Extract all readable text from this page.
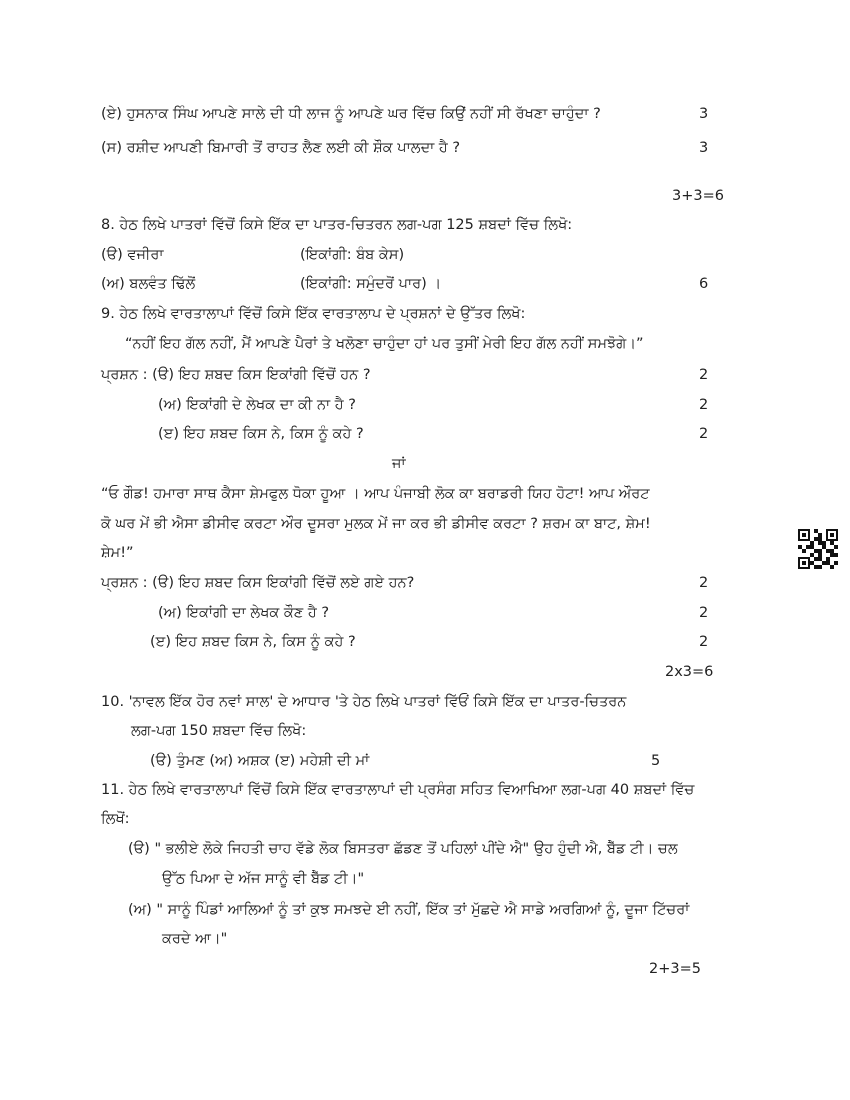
(ਏ) ਹੁਸਨਾਕ ਸਿੰਘ ਆਪਣੇ ਸਾਲੇ ਦੀ ਧੀ ਲਾਜ ਨੂੰ ਆਪਣੇ ਘਰ ਵਿੱਚ ਕਿਉਂ ਨਹੀਂ ਸੀ ਰੱਖਣਾ ਚਾਹੁੰਦਾ ?	3
(ਸ) ਰਸ਼ੀਦ ਆਪਣੀ ਬਿਮਾਰੀ ਤੋਂ ਰਾਹਤ ਲੈਣ ਲਈ ਕੀ ਸ਼ੌਕ ਪਾਲਦਾ ਹੈ ?	3
3+3=6
8. ਹੇਠ ਲਿਖੇ ਪਾਤਰਾਂ ਵਿੱਚੋਂ ਕਿਸੇ ਇੱਕ ਦਾ ਪਾਤਰ-ਚਿਤਰਨ ਲਗ-ਪਗ 125 ਸ਼ਬਦਾਂ ਵਿੱਚ ਲਿਖੋ:
(ੳ) ਵਜੀਰਾ	(ਇਕਾਂਗੀ: ਬੰਬ ਕੇਸ)
(ਅ) ਬਲਵੰਤ ਢਿੱਲੋਂ	(ਇਕਾਂਗੀ: ਸਮੁੰਦਰੋਂ ਪਾਰ) ।	6
9. ਹੇਠ ਲਿਖੇ ਵਾਰਤਾਲਾਪਾਂ ਵਿੱਚੋਂ ਕਿਸੇ ਇੱਕ ਵਾਰਤਾਲਾਪ ਦੇ ਪ੍ਰਸ਼ਨਾਂ ਦੇ ਉੱਤਰ ਲਿਖੋ:
“ਨਹੀਂ ਇਹ ਗੱਲ ਨਹੀਂ, ਮੈਂ ਆਪਣੇ ਪੈਰਾਂ ਤੇ ਖਲੋਣਾ ਚਾਹੁੰਦਾ ਹਾਂ ਪਰ ਤੁਸੀਂ ਮੇਰੀ ਇਹ ਗੱਲ ਨਹੀਂ ਸਮਝੋਗੇ।”
ਪ੍ਰਸ਼ਨ : (ੳ) ਇਹ ਸ਼ਬਦ ਕਿਸ ਇਕਾਂਗੀ ਵਿੱਚੋਂ ਹਨ ?	2
(ਅ) ਇਕਾਂਗੀ ਦੇ ਲੇਖਕ ਦਾ ਕੀ ਨਾ ਹੈ ?	2
(ੲ) ਇਹ ਸ਼ਬਦ ਕਿਸ ਨੇ, ਕਿਸ ਨੂੰ ਕਹੇ ?	2
ਜਾਂ
“ਓ ਗੌਡ! ਹਮਾਰਾ ਸਾਥ ਕੈਸਾ ਸ਼ੇਮਫੁਲ ਧੋਕਾ ਹੂਆ । ਆਪ ਪੰਜਾਬੀ ਲੋਕ ਕਾ ਬਰਾਡਰੀ ਯਿਹ ਹੋਟਾ! ਆਪ ਔਰਟ
ਕੋ ਘਰ ਮੇਂ ਭੀ ਐਸਾ ਡੀਸੀਵ ਕਰਟਾ ਔਰ ਦੂਸਰਾ ਮੁਲਕ ਮੇਂ ਜਾ ਕਰ ਭੀ ਡੀਸੀਵ ਕਰਟਾ ? ਸ਼ਰਮ ਕਾ ਬਾਟ, ਸ਼ੇਮ!
ਸ਼ੇਮ!”
ਪ੍ਰਸ਼ਨ : (ੳ) ਇਹ ਸ਼ਬਦ ਕਿਸ ਇਕਾਂਗੀ ਵਿੱਚੋਂ ਲਏ ਗਏ ਹਨ?	2
(ਅ) ਇਕਾਂਗੀ ਦਾ ਲੇਖਕ ਕੌਣ ਹੈ ?	2
(ੲ) ਇਹ ਸ਼ਬਦ ਕਿਸ ਨੇ, ਕਿਸ ਨੂੰ ਕਹੇ ?	2
2x3=6
10. 'ਨਾਵਲ ਇੱਕ ਹੋਰ ਨਵਾਂ ਸਾਲ' ਦੇ ਆਧਾਰ 'ਤੇ ਹੇਠ ਲਿਖੇ ਪਾਤਰਾਂ ਵਿੱਓਂ ਕਿਸੇ ਇੱਕ ਦਾ ਪਾਤਰ-ਚਿਤਰਨ
ਲਗ-ਪਗ 150 ਸ਼ਬਦਾ ਵਿੱਚ ਲਿਖੋ:
(ੳ) ਤੁੰਮਣ (ਅ) ਅਸ਼ਕ (ੲ) ਮਹੇਸ਼ੀ ਦੀ ਮਾਂ	5
11. ਹੇਠ ਲਿਖੇ ਵਾਰਤਾਲਾਪਾਂ ਵਿੱਚੋਂ ਕਿਸੇ ਇੱਕ ਵਾਰਤਾਲਾਪਾਂ ਦੀ ਪ੍ਰਸੰਗ ਸਹਿਤ ਵਿਆਖਿਆ ਲਗ-ਪਗ 40 ਸ਼ਬਦਾਂ ਵਿੱਚ
ਲਿਖੋਂ:
(ੳ) " ਭਲੀਏ ਲੋਕੇ ਜਿਹਤੀ ਚਾਹ ਵੱਡੇ ਲੋਕ ਬਿਸਤਰਾ ਛੱਡਣ ਤੋਂ ਪਹਿਲਾਂ ਪੀਂਦੇ ਐ" ਉਹ ਹੁੰਦੀ ਐ, ਬੈੱਡ ਟੀ। ਚਲ
ਉੱਠ ਪਿਆ ਦੇ ਅੱਜ ਸਾਨੂੰ ਵੀ ਬੈੱਡ ਟੀ।"
(ਅ) " ਸਾਨੂੰ ਪਿੰਡਾਂ ਆਲਿਆਂ ਨੂੰ ਤਾਂ ਕੁਝ ਸਮਝਦੇ ਈ ਨਹੀਂ, ਇੱਕ ਤਾਂ ਮੁੱਛਦੇ ਐ ਸਾਡੇ ਅਰਗਿਆਂ ਨੂੰ, ਦੂਜਾ ਟਿੱਚਰਾਂ
ਕਰਦੇ ਆ।"
2+3=5
